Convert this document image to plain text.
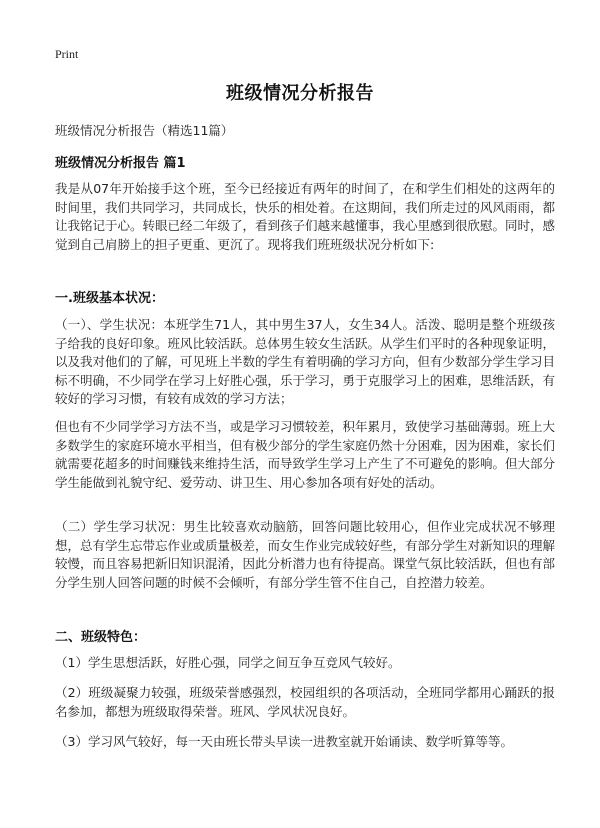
Print
班级情况分析报告
班级情况分析报告（精选11篇）
班级情况分析报告 篇1
我是从07年开始接手这个班，至今已经接近有两年的时间了，在和学生们相处的这两年的时间里，我们共同学习，共同成长，快乐的相处着。在这期间，我们所走过的风风雨雨，都让我铭记于心。转眼已经二年级了，看到孩子们越来越懂事，我心里感到很欣慰。同时，感觉到自己肩膀上的担子更重、更沉了。现将我们班班级状况分析如下:
一.班级基本状况：
（一）、学生状况：本班学生71人，其中男生37人，女生34人。活泼、聪明是整个班级孩子给我的良好印象。班风比较活跃。总体男生较女生活跃。从学生们平时的各种现象证明，以及我对他们的了解，可见班上半数的学生有着明确的学习方向，但有少数部分学生学习目标不明确，不少同学在学习上好胜心强，乐于学习，勇于克服学习上的困难，思维活跃，有较好的学习习惯，有较有成效的学习方法；
但也有不少同学学习方法不当，或是学习习惯较差，积年累月，致使学习基础薄弱。班上大多数学生的家庭环境水平相当，但有极少部分的学生家庭仍然十分困难，因为困难，家长们就需要花超多的时间赚钱来维持生活，而导致学生学习上产生了不可避免的影响。但大部分学生能做到礼貌守纪、爱劳动、讲卫生、用心参加各项有好处的活动。
（二）学生学习状况：男生比较喜欢动脑筋，回答问题比较用心，但作业完成状况不够理想，总有学生忘带忘作业或质量极差，而女生作业完成较好些，有部分学生对新知识的理解较慢，而且容易把新旧知识混淆，因此分析潜力也有待提高。课堂气氛比较活跃，但也有部分学生别人回答问题的时候不会倾听，有部分学生管不住自己，自控潜力较差。
二、班级特色：
（1）学生思想活跃，好胜心强，同学之间互争互竞风气较好。
（2）班级凝聚力较强，班级荣誉感强烈，校园组织的各项活动，全班同学都用心踊跃的报名参加，都想为班级取得荣誉。班风、学风状况良好。
（3）学习风气较好，每一天由班长带头早读一进教室就开始诵读、数学听算等等。
